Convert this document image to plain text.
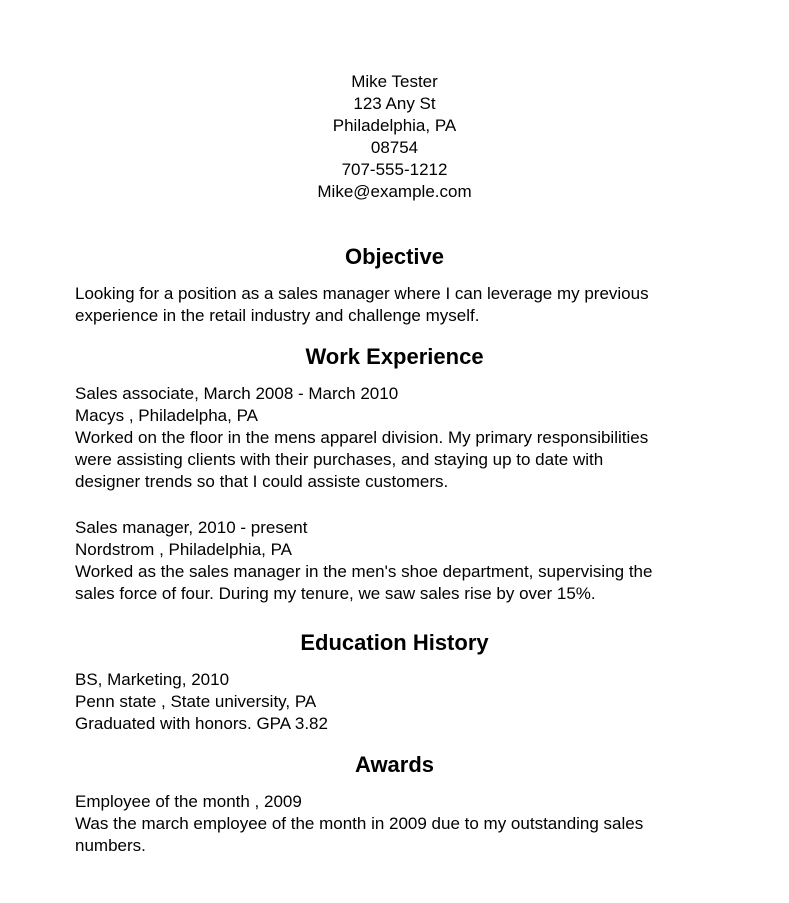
Mike Tester
123 Any St
Philadelphia, PA
08754
707-555-1212
Mike@example.com
Objective
Looking for a position as a sales manager where I can leverage my previous
experience in the retail industry and challenge myself.
Work Experience
Sales associate, March 2008 - March 2010
Macys , Philadelpha, PA
Worked on the floor in the mens apparel division. My primary responsibilities
were assisting clients with their purchases, and staying up to date with
designer trends so that I could assiste customers.
Sales manager, 2010 - present
Nordstrom , Philadelphia, PA
Worked as the sales manager in the men's shoe department, supervising the
sales force of four. During my tenure, we saw sales rise by over 15%.
Education History
BS, Marketing, 2010
Penn state , State university, PA
Graduated with honors. GPA 3.82
Awards
Employee of the month , 2009
Was the march employee of the month in 2009 due to my outstanding sales
numbers.
